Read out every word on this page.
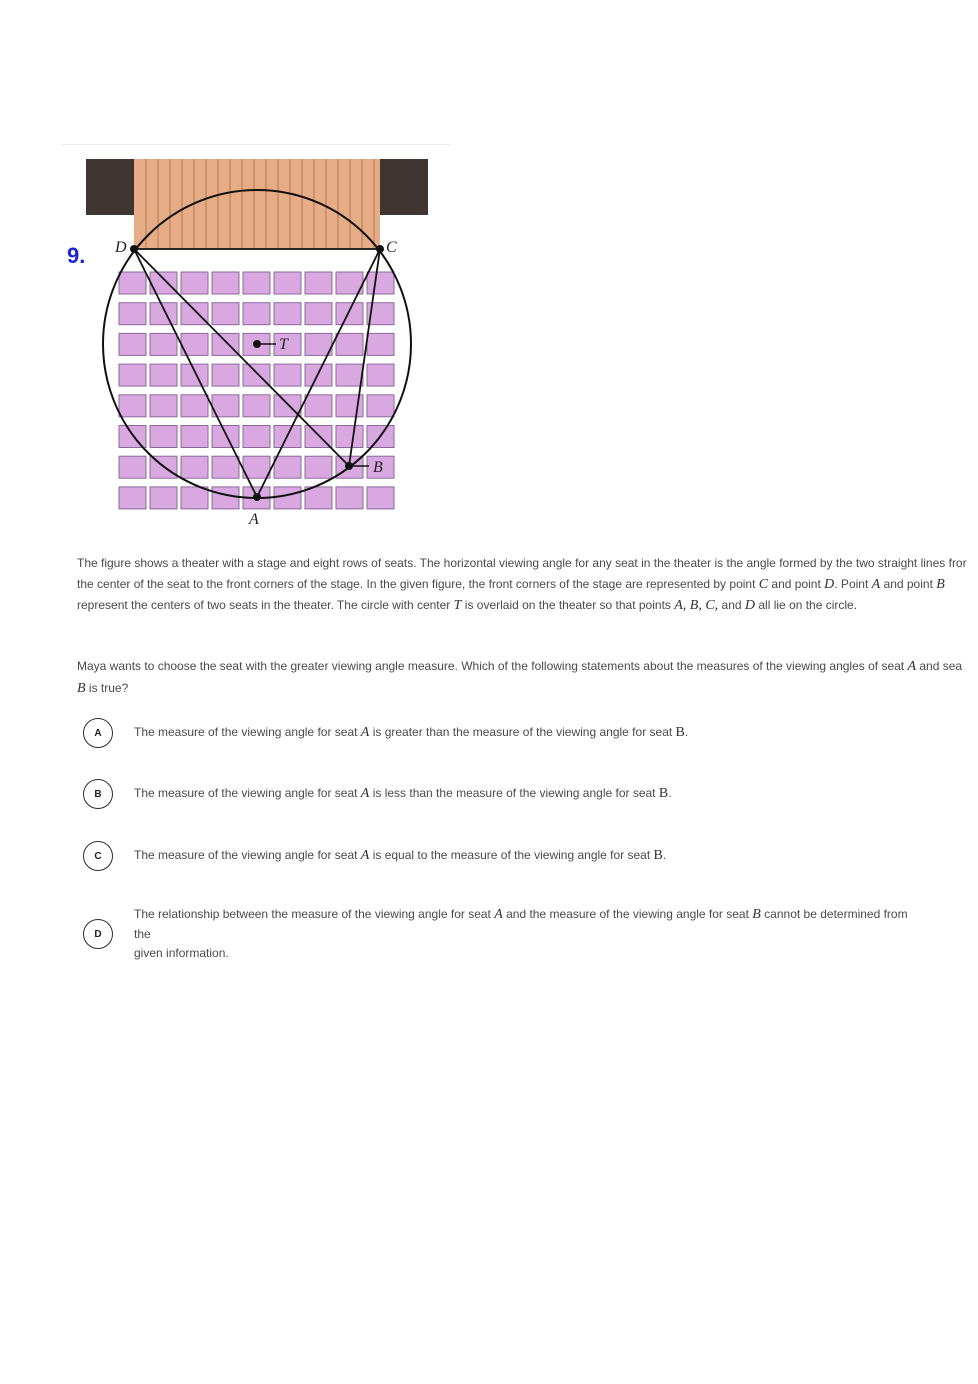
9. D	C
T
B
A

The figure shows a theater with a stage and eight rows of seats. The horizontal viewing angle for any seat in the theater is the angle formed by the two straight lines fror
the center of the seat to the front corners of the stage. In the given figure, the front corners of the stage are represented by point C and point D. Point A and point B
represent the centers of two seats in the theater. The circle with center T is overlaid on the theater so that points A, B, C, and D all lie on the circle.

Maya wants to choose the seat with the greater viewing angle measure. Which of the following statements about the measures of the viewing angles of seat A and sea
B is true?

A	The measure of the viewing angle for seat A is greater than the measure of the viewing angle for seat B.
B	The measure of the viewing angle for seat A is less than the measure of the viewing angle for seat B.
C	The measure of the viewing angle for seat A is equal to the measure of the viewing angle for seat B.
D
The relationship between the measure of the viewing angle for seat A and the measure of the viewing angle for seat B cannot be determined from the
given information.
